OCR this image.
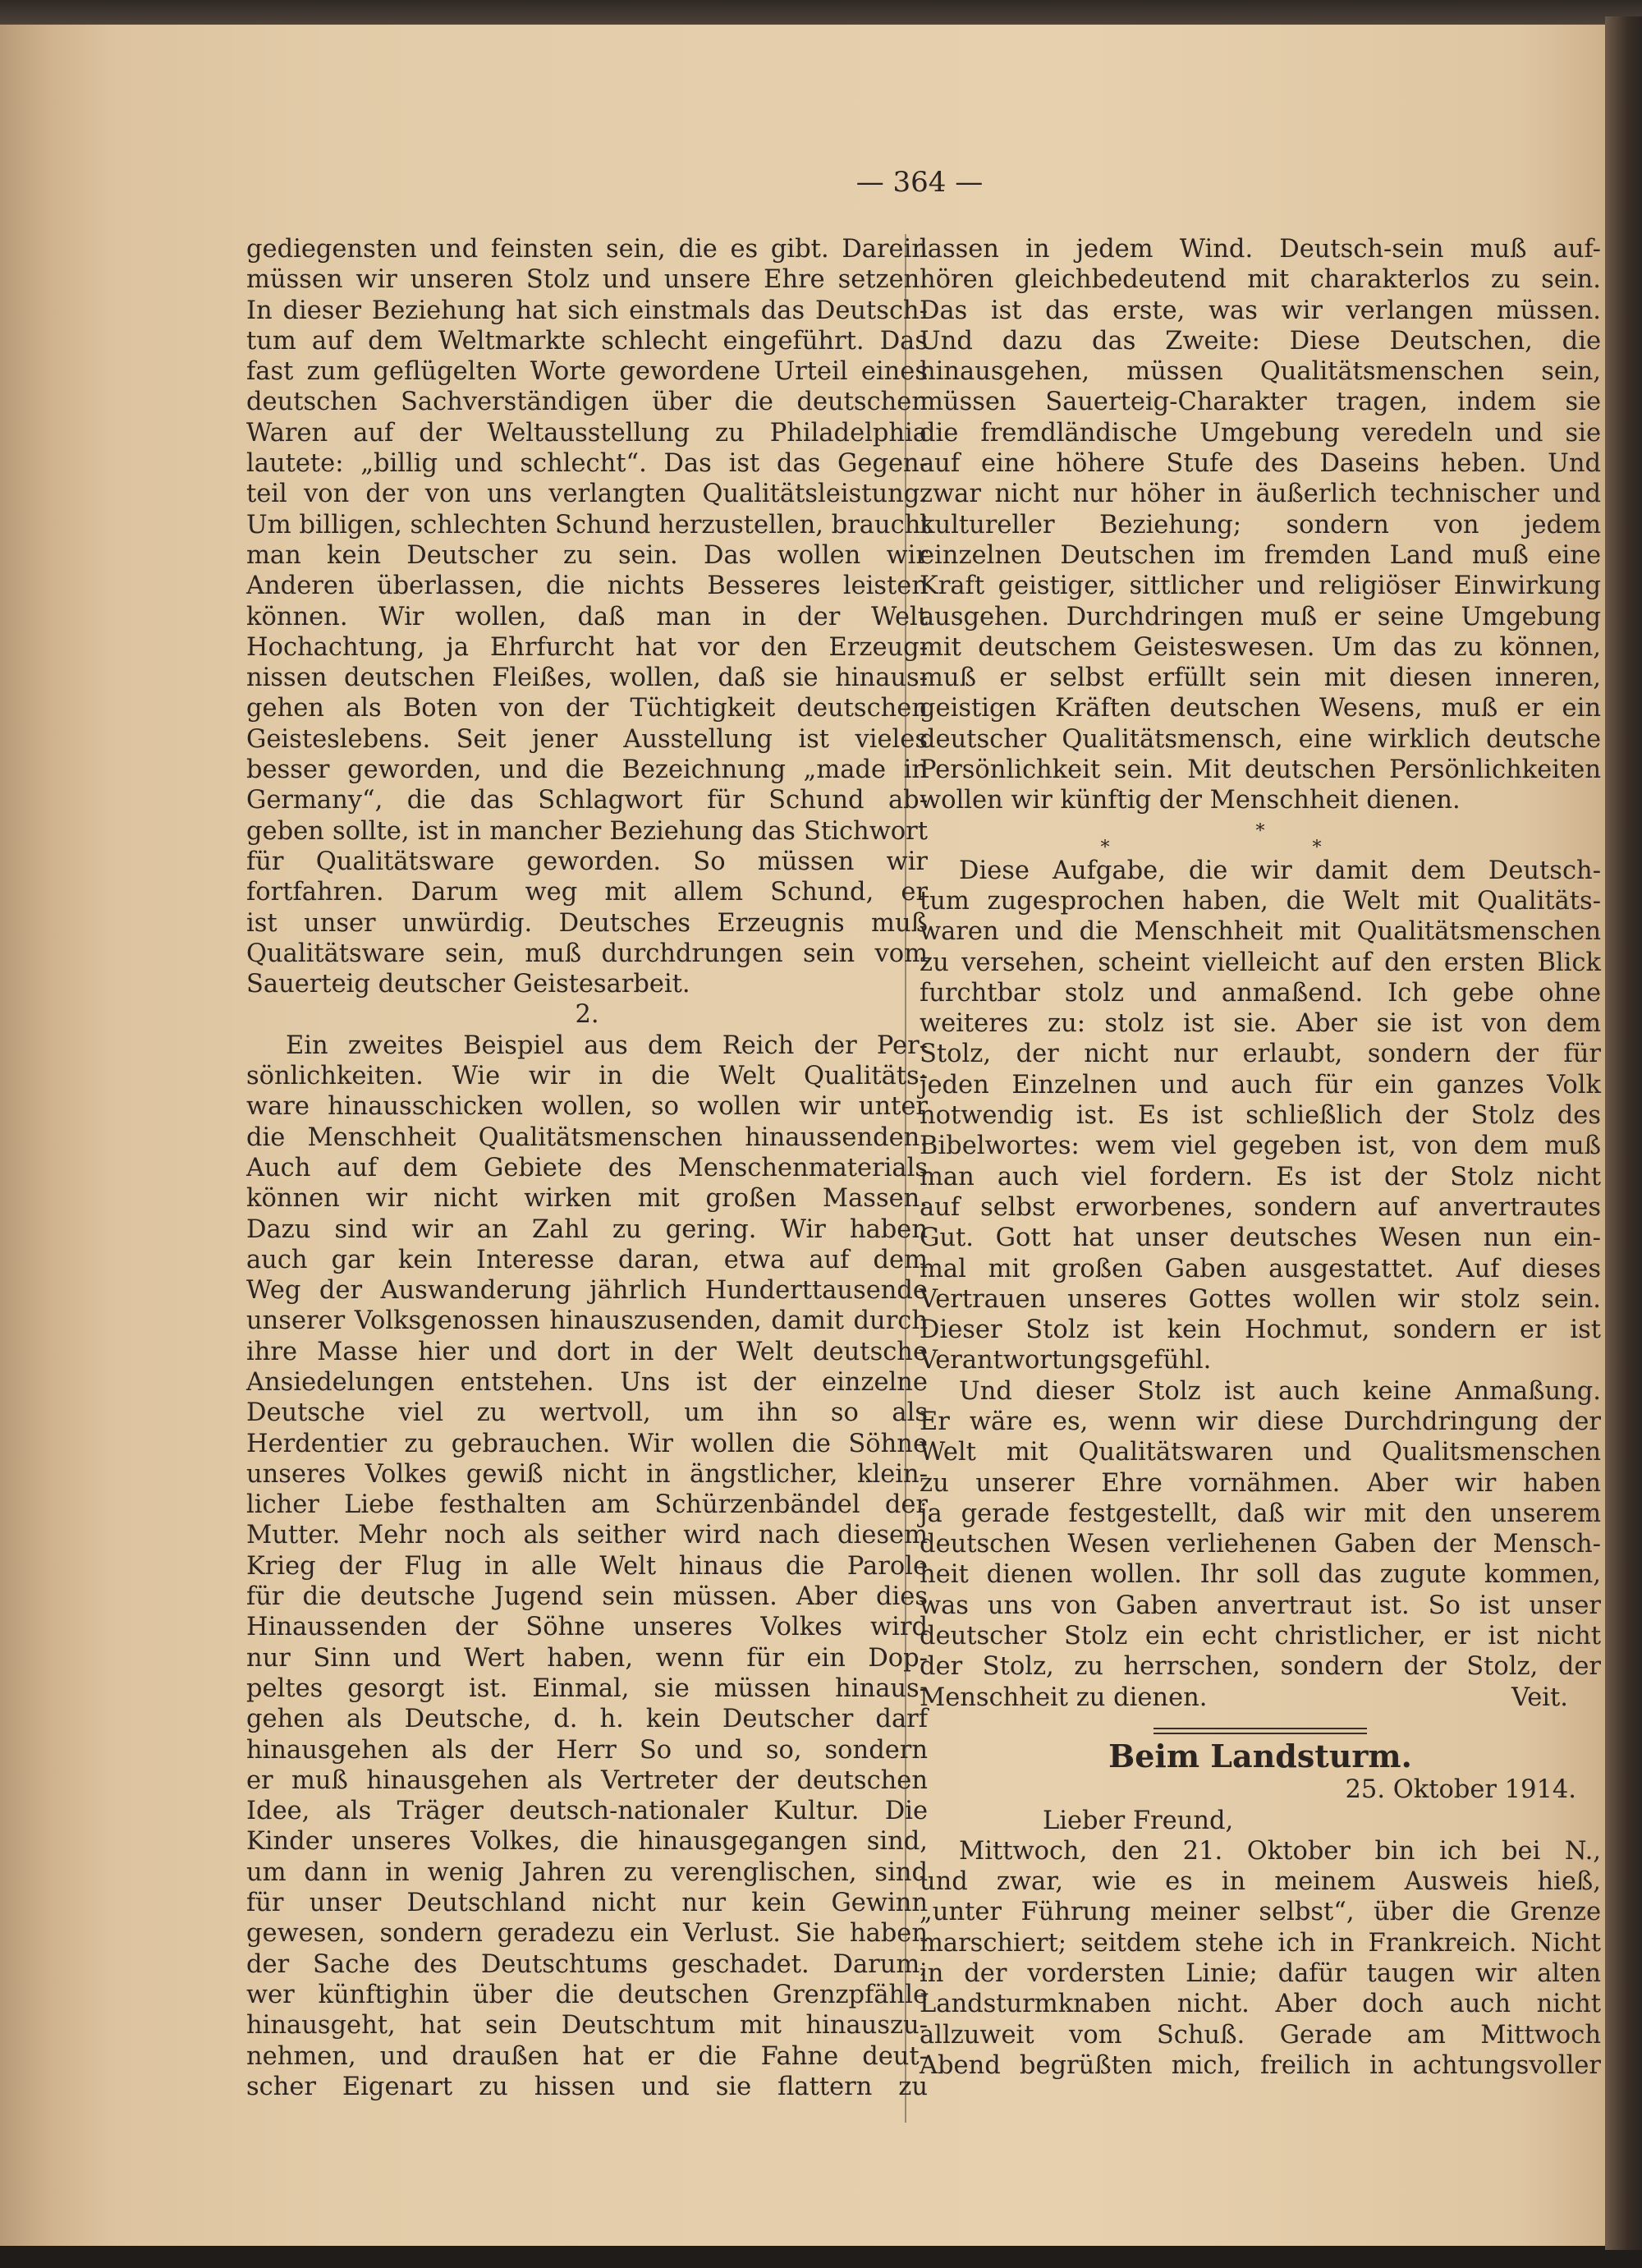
— 364 —
gediegensten und feinsten sein, die es gibt. Darein
müssen wir unseren Stolz und unsere Ehre setzen.
In dieser Beziehung hat sich einstmals das Deutsch-
tum auf dem Weltmarkte schlecht eingeführt. Das
fast zum geflügelten Worte gewordene Urteil eines
deutschen Sachverständigen über die deutschen
Waren auf der Weltausstellung zu Philadelphia
lautete: „billig und schlecht“. Das ist das Gegen-
teil von der von uns verlangten Qualitätsleistung.
Um billigen, schlechten Schund herzustellen, braucht
man kein Deutscher zu sein. Das wollen wir
Anderen überlassen, die nichts Besseres leisten
können. Wir wollen, daß man in der Welt
Hochachtung, ja Ehrfurcht hat vor den Erzeug-
nissen deutschen Fleißes, wollen, daß sie hinaus-
gehen als Boten von der Tüchtigkeit deutschen
Geisteslebens. Seit jener Ausstellung ist vieles
besser geworden, und die Bezeichnung „made in
Germany“, die das Schlagwort für Schund ab-
geben sollte, ist in mancher Beziehung das Stichwort
für Qualitätsware geworden. So müssen wir
fortfahren. Darum weg mit allem Schund, er
ist unser unwürdig. Deutsches Erzeugnis muß
Qualitätsware sein, muß durchdrungen sein vom
Sauerteig deutscher Geistesarbeit.
2.
Ein zweites Beispiel aus dem Reich der Per-
sönlichkeiten. Wie wir in die Welt Qualitäts-
ware hinausschicken wollen, so wollen wir unter
die Menschheit Qualitätsmenschen hinaussenden.
Auch auf dem Gebiete des Menschenmaterials
können wir nicht wirken mit großen Massen.
Dazu sind wir an Zahl zu gering. Wir haben
auch gar kein Interesse daran, etwa auf dem
Weg der Auswanderung jährlich Hunderttausende
unserer Volksgenossen hinauszusenden, damit durch
ihre Masse hier und dort in der Welt deutsche
Ansiedelungen entstehen. Uns ist der einzelne
Deutsche viel zu wertvoll, um ihn so als
Herdentier zu gebrauchen. Wir wollen die Söhne
unseres Volkes gewiß nicht in ängstlicher, klein-
licher Liebe festhalten am Schürzenbändel der
Mutter. Mehr noch als seither wird nach diesem
Krieg der Flug in alle Welt hinaus die Parole
für die deutsche Jugend sein müssen. Aber dies
Hinaussenden der Söhne unseres Volkes wird
nur Sinn und Wert haben, wenn für ein Dop-
peltes gesorgt ist. Einmal, sie müssen hinaus-
gehen als Deutsche, d. h. kein Deutscher darf
hinausgehen als der Herr So und so, sondern
er muß hinausgehen als Vertreter der deutschen
Idee, als Träger deutsch-nationaler Kultur. Die
Kinder unseres Volkes, die hinausgegangen sind,
um dann in wenig Jahren zu verenglischen, sind
für unser Deutschland nicht nur kein Gewinn
gewesen, sondern geradezu ein Verlust. Sie haben
der Sache des Deutschtums geschadet. Darum,
wer künftighin über die deutschen Grenzpfähle
hinausgeht, hat sein Deutschtum mit hinauszu-
nehmen, und draußen hat er die Fahne deut-
scher Eigenart zu hissen und sie flattern zu
lassen in jedem Wind. Deutsch-sein muß auf-
hören gleichbedeutend mit charakterlos zu sein.
Das ist das erste, was wir verlangen müssen.
Und dazu das Zweite: Diese Deutschen, die
hinausgehen, müssen Qualitätsmenschen sein,
müssen Sauerteig-Charakter tragen, indem sie
die fremdländische Umgebung veredeln und sie
auf eine höhere Stufe des Daseins heben. Und
zwar nicht nur höher in äußerlich technischer und
kultureller Beziehung; sondern von jedem
einzelnen Deutschen im fremden Land muß eine
Kraft geistiger, sittlicher und religiöser Einwirkung
ausgehen. Durchdringen muß er seine Umgebung
mit deutschem Geisteswesen. Um das zu können,
muß er selbst erfüllt sein mit diesen inneren,
geistigen Kräften deutschen Wesens, muß er ein
deutscher Qualitätsmensch, eine wirklich deutsche
Persönlichkeit sein. Mit deutschen Persönlichkeiten
wollen wir künftig der Menschheit dienen.
*
* *
Diese Aufgabe, die wir damit dem Deutsch-
tum zugesprochen haben, die Welt mit Qualitäts-
waren und die Menschheit mit Qualitätsmenschen
zu versehen, scheint vielleicht auf den ersten Blick
furchtbar stolz und anmaßend. Ich gebe ohne
weiteres zu: stolz ist sie. Aber sie ist von dem
Stolz, der nicht nur erlaubt, sondern der für
jeden Einzelnen und auch für ein ganzes Volk
notwendig ist. Es ist schließlich der Stolz des
Bibelwortes: wem viel gegeben ist, von dem muß
man auch viel fordern. Es ist der Stolz nicht
auf selbst erworbenes, sondern auf anvertrautes
Gut. Gott hat unser deutsches Wesen nun ein-
mal mit großen Gaben ausgestattet. Auf dieses
Vertrauen unseres Gottes wollen wir stolz sein.
Dieser Stolz ist kein Hochmut, sondern er ist
Verantwortungsgefühl.
Und dieser Stolz ist auch keine Anmaßung.
Er wäre es, wenn wir diese Durchdringung der
Welt mit Qualitätswaren und Qualitsmenschen
zu unserer Ehre vornähmen. Aber wir haben
ja gerade festgestellt, daß wir mit den unserem
deutschen Wesen verliehenen Gaben der Mensch-
heit dienen wollen. Ihr soll das zugute kommen,
was uns von Gaben anvertraut ist. So ist unser
deutscher Stolz ein echt christlicher, er ist nicht
der Stolz, zu herrschen, sondern der Stolz, der
Menschheit zu dienen.	Veit.
Beim Landsturm.
25. Oktober 1914.
Lieber Freund,
Mittwoch, den 21. Oktober bin ich bei N.,
und zwar, wie es in meinem Ausweis hieß,
„unter Führung meiner selbst“, über die Grenze
marschiert; seitdem stehe ich in Frankreich. Nicht
in der vordersten Linie; dafür taugen wir alten
Landsturmknaben nicht. Aber doch auch nicht
allzuweit vom Schuß. Gerade am Mittwoch
Abend begrüßten mich, freilich in achtungsvoller
